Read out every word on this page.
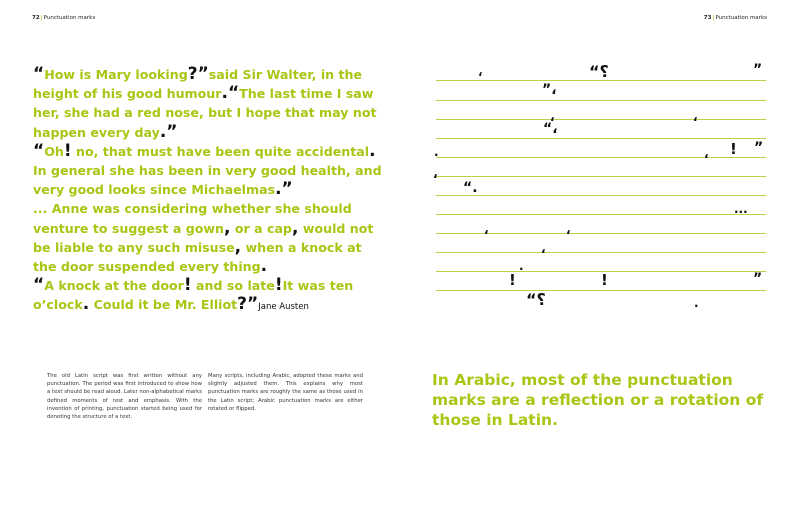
72|Punctuation marks	73|Punctuation marks

“How is Mary looking?”said Sir Walter, in the height of his good humour.“The last time I saw her, she had a red nose, but I hope that may not happen every day.”
“Oh! no, that must have been quite accidental. In general she has been in very good health, and very good looks since Michaelmas.”
... Anne was considering whether she should venture to suggest a gown, or a cap, would not be liable to any such misuse, when a knock at the door suspended every thing.
“A knock at the door! and so late!It was ten o’clock. Could it be Mr. Elliot?”Jane Austen

The old Latin script was first written without any punctuation. The period was first introduced to show how a text should be read aloud. Later non-alphabetical marks defined moments of rest and emphasis. With the invention of printing, punctuation started being used for denoting the structure of a text.
Many scripts, including Arabic, adopted these marks and slightly adjusted them. This explains why most punctuation marks are roughly the same as those used in the Latin script; Arabic punctuation marks are either rotated or flipped.
In Arabic, most of the punctuation marks are a reflection or a rotation of those in Latin.
‘	“؟	”
”،
،	،
“،
.	، ! ”
،
“.
...
،	،
،
.
!	!	”
“؟	.
